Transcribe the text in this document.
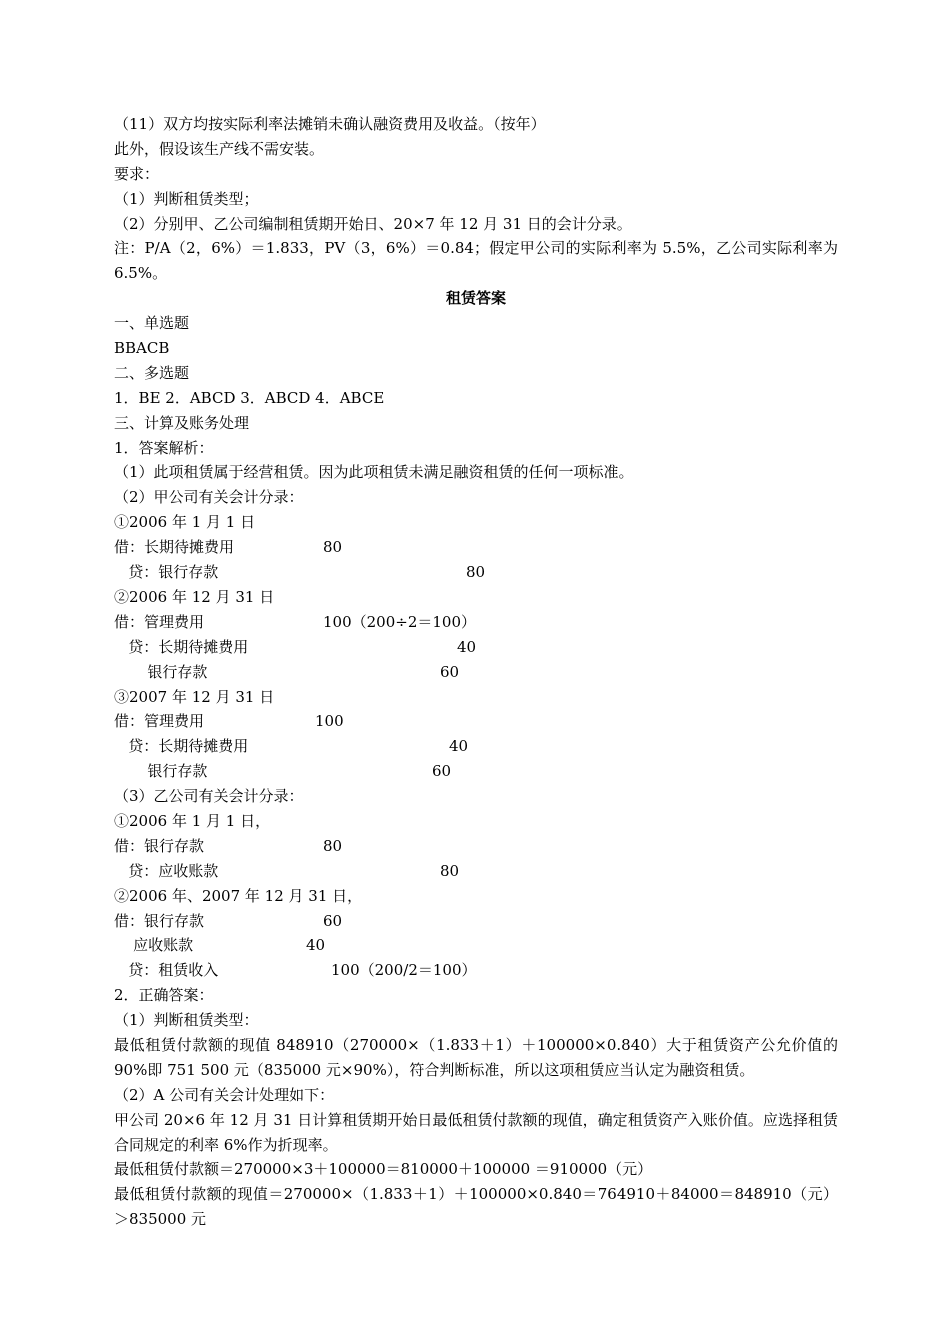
（11）双方均按实际利率法摊销未确认融资费用及收益。（按年）
此外，假设该生产线不需安装。
要求：
（1）判断租赁类型；
（2）分别甲、乙公司编制租赁期开始日、20×7 年 12 月 31 日的会计分录。
注：P/A（2，6%）＝1.833，PV（3，6%）＝0.84；假定甲公司的实际利率为 5.5%，乙公司实际利率为 6.5%。
租赁答案
一、单选题
BBACB
二、多选题
1．BE 2．ABCD 3．ABCD 4．ABCE
三、计算及账务处理
1．答案解析：
（1）此项租赁属于经营租赁。因为此项租赁未满足融资租赁的任何一项标准。
（2）甲公司有关会计分录：
①2006 年 1 月 1 日
借：长期待摊费用	80
贷：银行存款	80
②2006 年 12 月 31 日
借：管理费用	100（200÷2＝100）
贷：长期待摊费用	40
银行存款	60
③2007 年 12 月 31 日
借：管理费用	100
贷：长期待摊费用	40
银行存款	60
（3）乙公司有关会计分录：
①2006 年 1 月 1 日，
借：银行存款	80
贷：应收账款	80
②2006 年、2007 年 12 月 31 日，
借：银行存款	60
应收账款	40
贷：租赁收入	100（200/2＝100）
2．正确答案：
（1）判断租赁类型：
最低租赁付款额的现值 848910（270000×（1.833＋1）＋100000×0.840）大于租赁资产公允价值的 90%即 751 500 元（835000 元×90%），符合判断标准，所以这项租赁应当认定为融资租赁。
（2）A 公司有关会计处理如下：
甲公司 20×6 年 12 月 31 日计算租赁期开始日最低租赁付款额的现值，确定租赁资产入账价值。应选择租赁合同规定的利率 6%作为折现率。
最低租赁付款额＝270000×3＋100000＝810000＋100000 ＝910000（元）
最低租赁付款额的现值＝270000×（1.833＋1）＋100000×0.840＝764910＋84000＝848910（元）＞835000 元
